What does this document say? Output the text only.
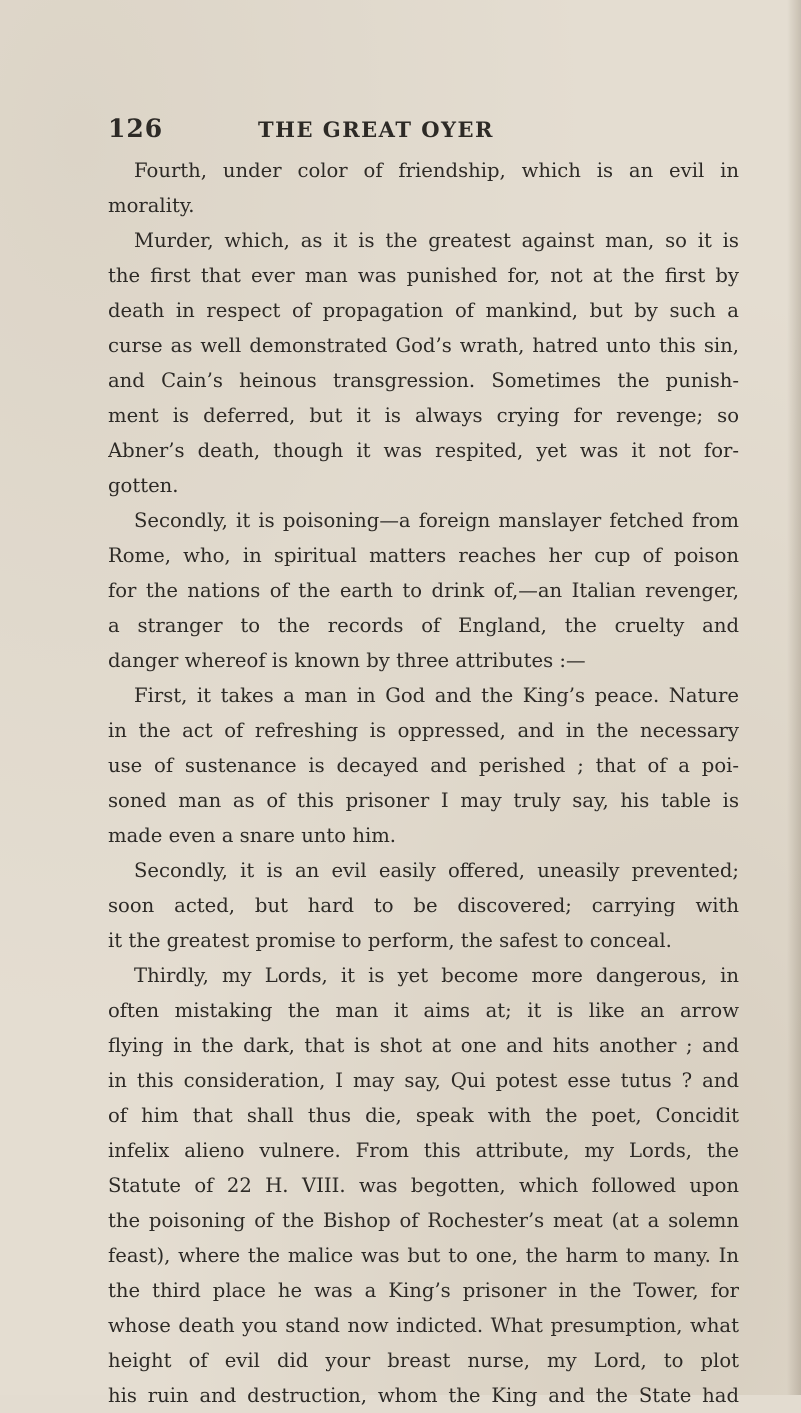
126	THE GREAT OYER
Fourth, under color of friendship, which is an evil in
morality.
Murder, which, as it is the greatest against man, so it is
the first that ever man was punished for, not at the first by
death in respect of propagation of mankind, but by such a
curse as well demonstrated God’s wrath, hatred unto this sin,
and Cain’s heinous transgression. Sometimes the punish-
ment is deferred, but it is always crying for revenge; so
Abner’s death, though it was respited, yet was it not for-
gotten.
Secondly, it is poisoning—a foreign manslayer fetched from
Rome, who, in spiritual matters reaches her cup of poison
for the nations of the earth to drink of,—an Italian revenger,
a stranger to the records of England, the cruelty and
danger whereof is known by three attributes :—
First, it takes a man in God and the King’s peace. Nature
in the act of refreshing is oppressed, and in the necessary
use of sustenance is decayed and perished ; that of a poi-
soned man as of this prisoner I may truly say, his table is
made even a snare unto him.
Secondly, it is an evil easily offered, uneasily prevented;
soon acted, but hard to be discovered; carrying with
it the greatest promise to perform, the safest to conceal.
Thirdly, my Lords, it is yet become more dangerous, in
often mistaking the man it aims at; it is like an arrow
flying in the dark, that is shot at one and hits another ; and
in this consideration, I may say, Qui potest esse tutus ? and
of him that shall thus die, speak with the poet, Concidit
infelix alieno vulnere. From this attribute, my Lords, the
Statute of 22 H. VIII. was begotten, which followed upon
the poisoning of the Bishop of Rochester’s meat (at a solemn
feast), where the malice was but to one, the harm to many. In
the third place he was a King’s prisoner in the Tower, for
whose death you stand now indicted. What presumption, what
height of evil did your breast nurse, my Lord, to plot
his ruin and destruction, whom the King and the State had
